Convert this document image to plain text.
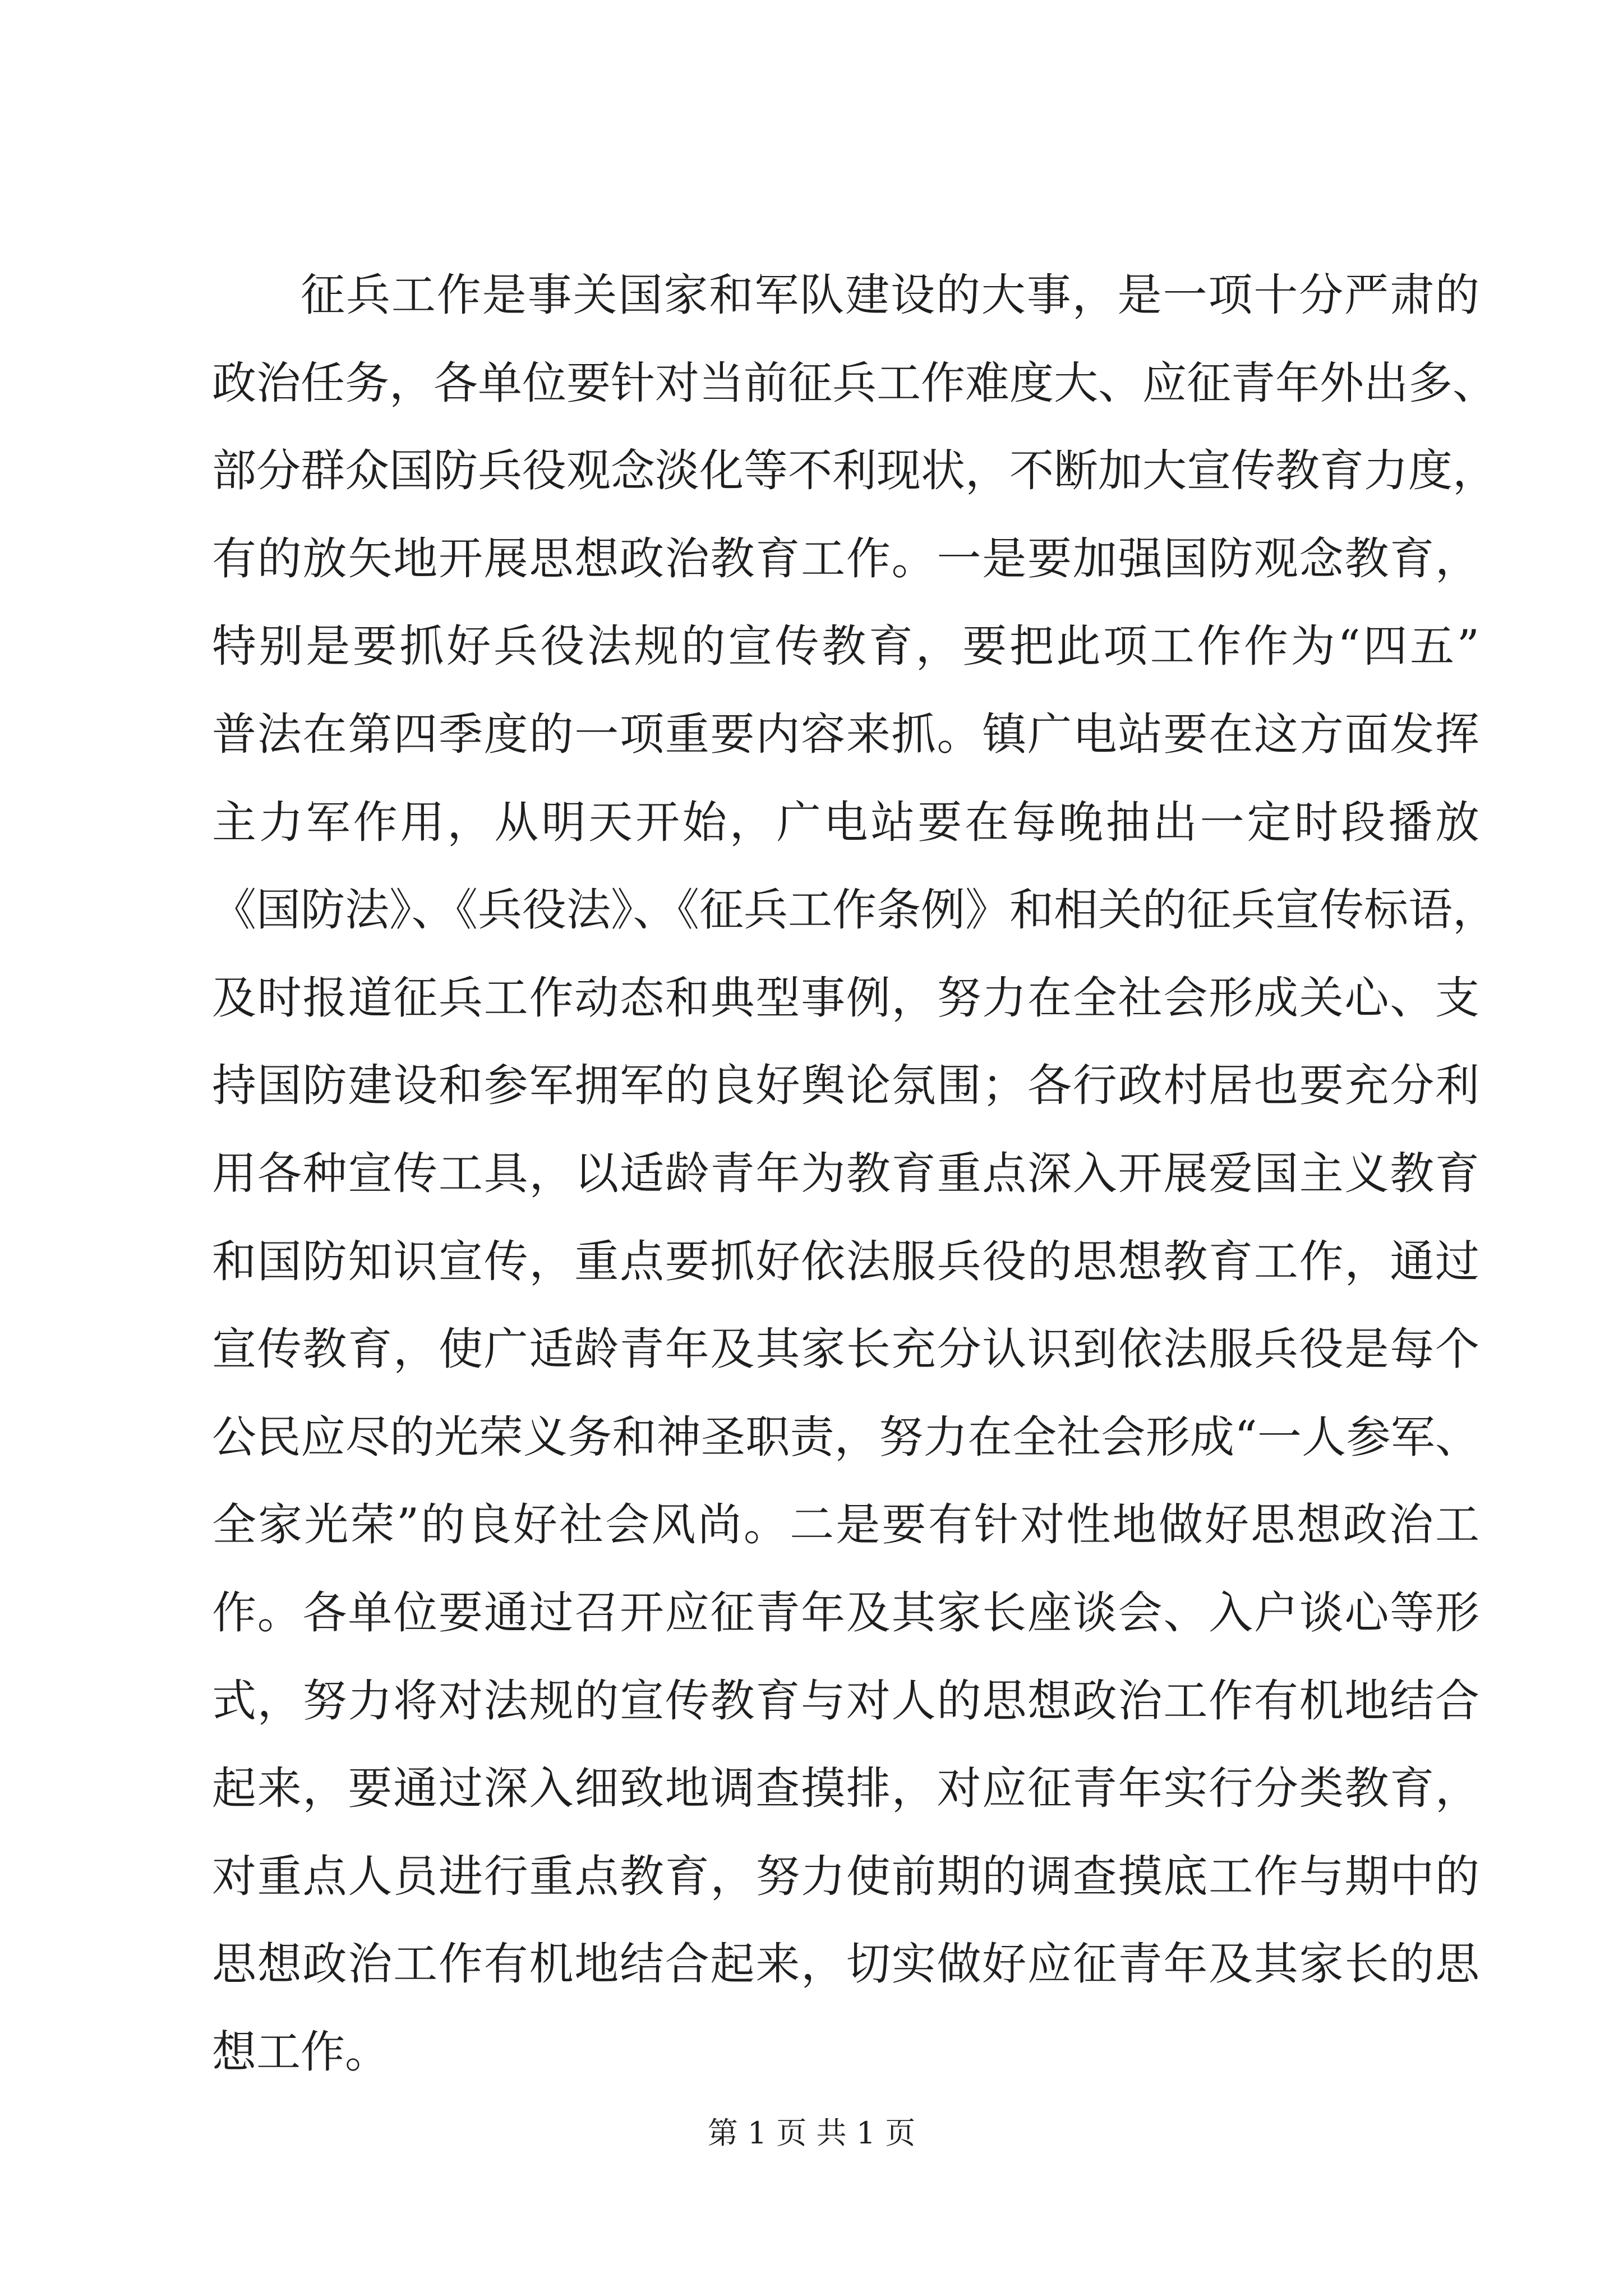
征兵工作是事关国家和军队建设的大事，是一项十分严肃的
政治任务，各单位要针对当前征兵工作难度大、应征青年外出多、
部分群众国防兵役观念淡化等不利现状，不断加大宣传教育力度，
有的放矢地开展思想政治教育工作。一是要加强国防观念教育，
特别是要抓好兵役法规的宣传教育，要把此项工作作为“四五”
普法在第四季度的一项重要内容来抓。镇广电站要在这方面发挥
主力军作用，从明天开始，广电站要在每晚抽出一定时段播放
《国防法》、《兵役法》、《征兵工作条例》和相关的征兵宣传标语，
及时报道征兵工作动态和典型事例，努力在全社会形成关心、支
持国防建设和参军拥军的良好舆论氛围；各行政村居也要充分利
用各种宣传工具，以适龄青年为教育重点深入开展爱国主义教育
和国防知识宣传，重点要抓好依法服兵役的思想教育工作，通过
宣传教育，使广适龄青年及其家长充分认识到依法服兵役是每个
公民应尽的光荣义务和神圣职责，努力在全社会形成“一人参军、
全家光荣”的良好社会风尚。二是要有针对性地做好思想政治工
作。各单位要通过召开应征青年及其家长座谈会、入户谈心等形
式，努力将对法规的宣传教育与对人的思想政治工作有机地结合
起来，要通过深入细致地调查摸排，对应征青年实行分类教育，
对重点人员进行重点教育，努力使前期的调查摸底工作与期中的
思想政治工作有机地结合起来，切实做好应征青年及其家长的思
想工作。
第 1 页 共 1 页
